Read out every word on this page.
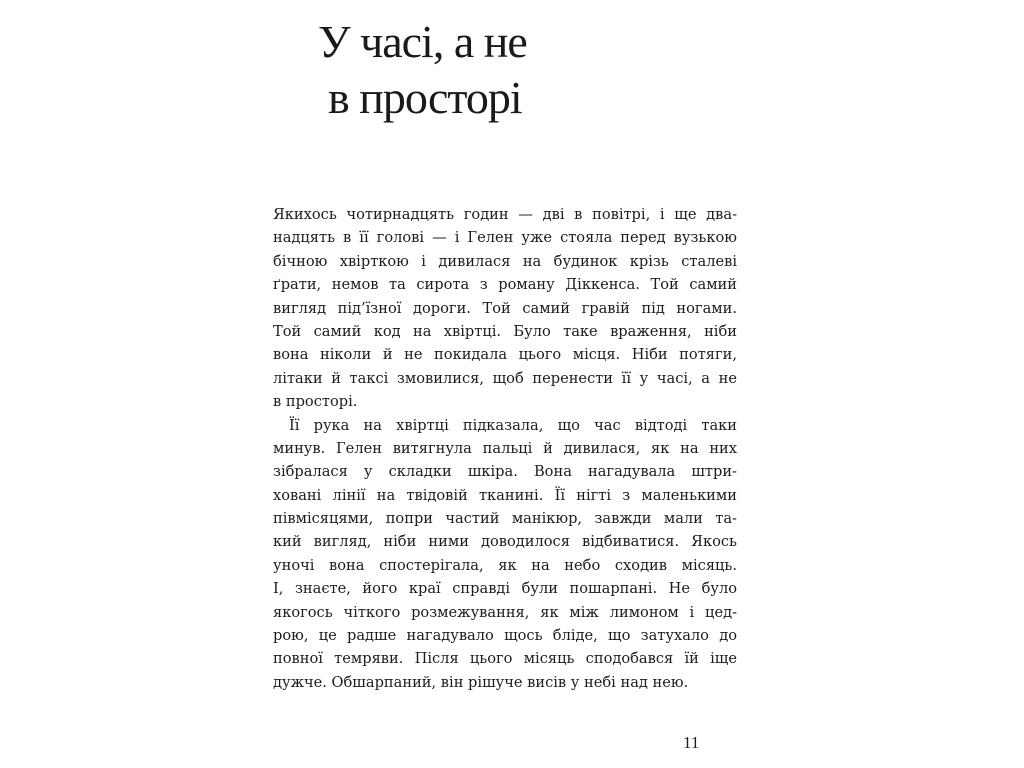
У часі, а не
в просторі
Якихось чотирнадцять годин — дві в повітрі, і ще два-
надцять в її голові — і Гелен уже стояла перед вузькою
бічною хвірткою і дивилася на будинок крізь сталеві
ґрати, немов та сирота з роману Діккенса. Той самий
вигляд під’їзної дороги. Той самий гравій під ногами.
Той самий код на хвіртці. Було таке враження, ніби
вона ніколи й не покидала цього місця. Ніби потяги,
літаки й таксі змовилися, щоб перенести її у часі, а не
в просторі.
Її рука на хвіртці підказала, що час відтоді таки
минув. Гелен витягнула пальці й дивилася, як на них
зібралася у складки шкіра. Вона нагадувала штри-
ховані лінії на твідовій тканині. Її нігті з маленькими
півмісяцями, попри частий манікюр, завжди мали та-
кий вигляд, ніби ними доводилося відбиватися. Якось
уночі вона спостерігала, як на небо сходив місяць.
І, знаєте, його краї справді були пошарпані. Не було
якогось чіткого розмежування, як між лимоном і цед-
рою, це радше нагадувало щось бліде, що затухало до
повної темряви. Після цього місяць сподобався їй іще
дужче. Обшарпаний, він рішуче висів у небі над нею.
11
